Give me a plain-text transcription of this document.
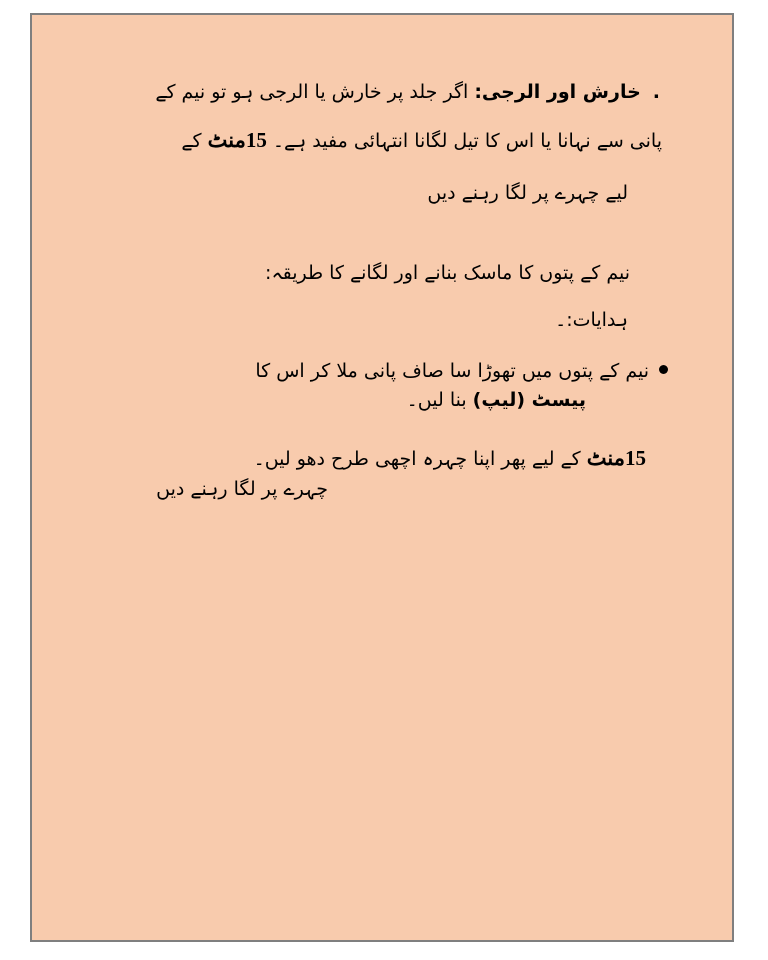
.خارش اور الرجی: اگر جلد پر خارش یا الرجی ہو تو نیم کے
پانی سے نہانا یا اس کا تیل لگانا انتہائی مفید ہے۔ 15منٹ کے
لیے چہرے پر لگا رہنے دیں
نیم کے پتوں کا ماسک بنانے اور لگانے کا طریقہ:
ہدایات:۔
نیم کے پتوں میں تھوڑا سا صاف پانی ملا کر اس کا
پیسٹ (لیپ) بنا لیں۔
15منٹ کے لیے پھر اپنا چہرہ اچھی طرح دھو لیں۔
چہرے پر لگا رہنے دیں
